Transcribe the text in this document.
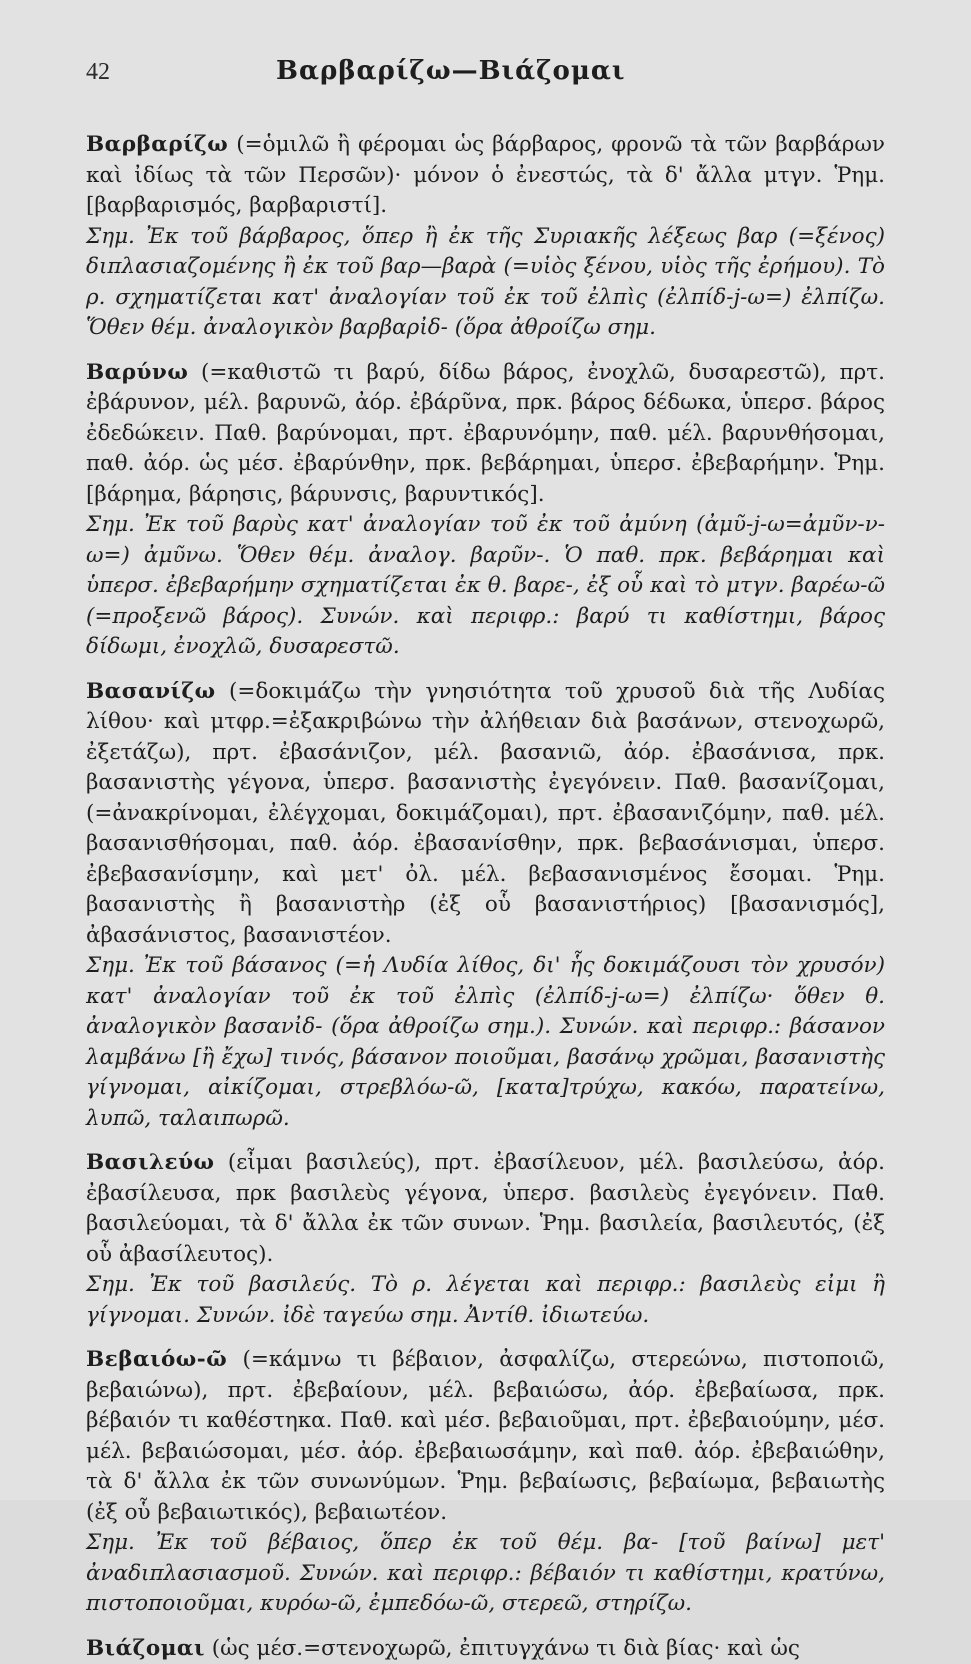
42	Βαρβαρίζω—Βιάζομαι

Βαρβαρίζω (=ὁμιλῶ ἢ φέρομαι ὡς βάρβαρος, φρονῶ τὰ τῶν βαρβάρων καὶ ἰδίως τὰ τῶν Περσῶν)· μόνον ὁ ἐνεστώς, τὰ δ' ἄλλα μτγν. Ῥημ. [βαρβαρισμός, βαρβαριστί].

Σημ. Ἐκ τοῦ βάρβαρος, ὅπερ ἢ ἐκ τῆς Συριακῆς λέξεως βαρ (=ξένος) διπλασιαζομένης ἢ ἐκ τοῦ βαρ—βαρὰ (=υἱὸς ξένου, υἱὸς τῆς ἐρήμου). Τὸ ρ. σχηματίζεται κατ' ἀναλογίαν τοῦ ἐκ τοῦ ἐλπὶς (ἐλπίδ-j-ω=) ἐλπίζω. Ὅθεν θέμ. ἀναλογικὸν βαρβαρἰδ- (ὅρα ἀθροίζω σημ.

Βαρύνω (=καθιστῶ τι βαρύ, δίδω βάρος, ἐνοχλῶ, δυσαρεστῶ), πρτ. ἐβάρυνον, μέλ. βαρυνῶ, ἀόρ. ἐβάρῦνα, πρκ. βάρος δέδωκα, ὑπερσ. βάρος ἐδεδώκειν. Παθ. βαρύνομαι, πρτ. ἐβαρυνόμην, παθ. μέλ. βαρυνθήσομαι, παθ. ἀόρ. ὡς μέσ. ἐβαρύνθην, πρκ. βεβάρημαι, ὑπερσ. ἐβεβαρήμην. Ῥημ. [βάρημα, βάρησις, βάρυνσις, βαρυντικός].

Σημ. Ἐκ τοῦ βαρὺς κατ' ἀναλογίαν τοῦ ἐκ τοῦ ἀμύνη (ἀμῦ-j-ω=ἀμῦν-ν-ω=) ἀμῦνω. Ὅθεν θέμ. ἀναλογ. βαρῦν-. Ὁ παθ. πρκ. βεβάρημαι καὶ ὑπερσ. ἐβεβαρήμην σχηματίζεται ἐκ θ. βαρε-, ἐξ οὗ καὶ τὸ μτγν. βαρέω-ῶ (=προξενῶ βάρος). Συνών. καὶ περιφρ.: βαρύ τι καθίστημι, βάρος δίδωμι, ἐνοχλῶ, δυσαρεστῶ.

Βασανίζω (=δοκιμάζω τὴν γνησιότητα τοῦ χρυσοῦ διὰ τῆς Λυδίας λίθου· καὶ μτφρ.=ἐξακριβώνω τὴν ἀλήθειαν διὰ βασάνων, στενοχωρῶ, ἐξετάζω), πρτ. ἐβασάνιζον, μέλ. βασανιῶ, ἀόρ. ἐβασάνισα, πρκ. βασανιστὴς γέγονα, ὑπερσ. βασανιστὴς ἐγεγόνειν. Παθ. βασανίζομαι, (=ἀνακρίνομαι, ἐλέγχομαι, δοκιμάζομαι), πρτ. ἐβασανιζόμην, παθ. μέλ. βασανισθήσομαι, παθ. ἀόρ. ἐβασανίσθην, πρκ. βεβασάνισμαι, ὑπερσ. ἐβεβασανίσμην, καὶ μετ' ὀλ. μέλ. βεβασανισμένος ἔσομαι. Ῥημ. βασανιστὴς ἢ βασανιστὴρ (ἐξ οὗ βασανιστήριος) [βασανισμός], ἀβασάνιστος, βασανιστέον.

Σημ. Ἐκ τοῦ βάσανος (=ἡ Λυδία λίθος, δι' ἧς δοκιμάζουσι τὸν χρυσόν) κατ' ἀναλογίαν τοῦ ἐκ τοῦ ἐλπὶς (ἐλπίδ-j-ω=) ἐλπίζω· ὅθεν θ. ἀναλογικὸν βασανἰδ- (ὅρα ἀθροίζω σημ.). Συνών. καὶ περιφρ.: βάσανον λαμβάνω [ἢ ἔχω] τινός, βάσανον ποιοῦμαι, βασάνῳ χρῶμαι, βασανιστὴς γίγνομαι, αἰκίζομαι, στρεβλόω-ῶ, [κατα]τρύχω, κακόω, παρατείνω, λυπῶ, ταλαιπωρῶ.

Βασιλεύω (εἶμαι βασιλεύς), πρτ. ἐβασίλευον, μέλ. βασιλεύσω, ἀόρ. ἐβασίλευσα, πρκ βασιλεὺς γέγονα, ὑπερσ. βασιλεὺς ἐγεγόνειν. Παθ. βασιλεύομαι, τὰ δ' ἄλλα ἐκ τῶν συνων. Ῥημ. βασιλεία, βασιλευτός, (ἐξ οὗ ἀβασίλευτος).

Σημ. Ἐκ τοῦ βασιλεύς. Τὸ ρ. λέγεται καὶ περιφρ.: βασιλεὺς εἰμι ἢ γίγνομαι. Συνών. ἰδὲ ταγεύω σημ. Ἀντίθ. ἰδιωτεύω.

Βεβαιόω-ῶ (=κάμνω τι βέβαιον, ἀσφαλίζω, στερεώνω, πιστοποιῶ, βεβαιώνω), πρτ. ἐβεβαίουν, μέλ. βεβαιώσω, ἀόρ. ἐβεβαίωσα, πρκ. βέβαιόν τι καθέστηκα. Παθ. καὶ μέσ. βεβαιοῦμαι, πρτ. ἐβεβαιούμην, μέσ. μέλ. βεβαιώσομαι, μέσ. ἀόρ. ἐβεβαιωσάμην, καὶ παθ. ἀόρ. ἐβεβαιώθην, τὰ δ' ἄλλα ἐκ τῶν συνωνύμων. Ῥημ. βεβαίωσις, βεβαίωμα, βεβαιωτὴς (ἐξ οὗ βεβαιωτικός), βεβαιωτέον.

Σημ. Ἐκ τοῦ βέβαιος, ὅπερ ἐκ τοῦ θέμ. βα- [τοῦ βαίνω] μετ' ἀναδιπλασιασμοῦ. Συνών. καὶ περιφρ.: βέβαιόν τι καθίστημι, κρατύνω, πιστοποιοῦμαι, κυρόω-ῶ, ἐμπεδόω-ῶ, στερεῶ, στηρίζω.

Βιάζομαι (ὡς μέσ.=στενοχωρῶ, ἐπιτυγχάνω τι διὰ βίας· καὶ ὡς
